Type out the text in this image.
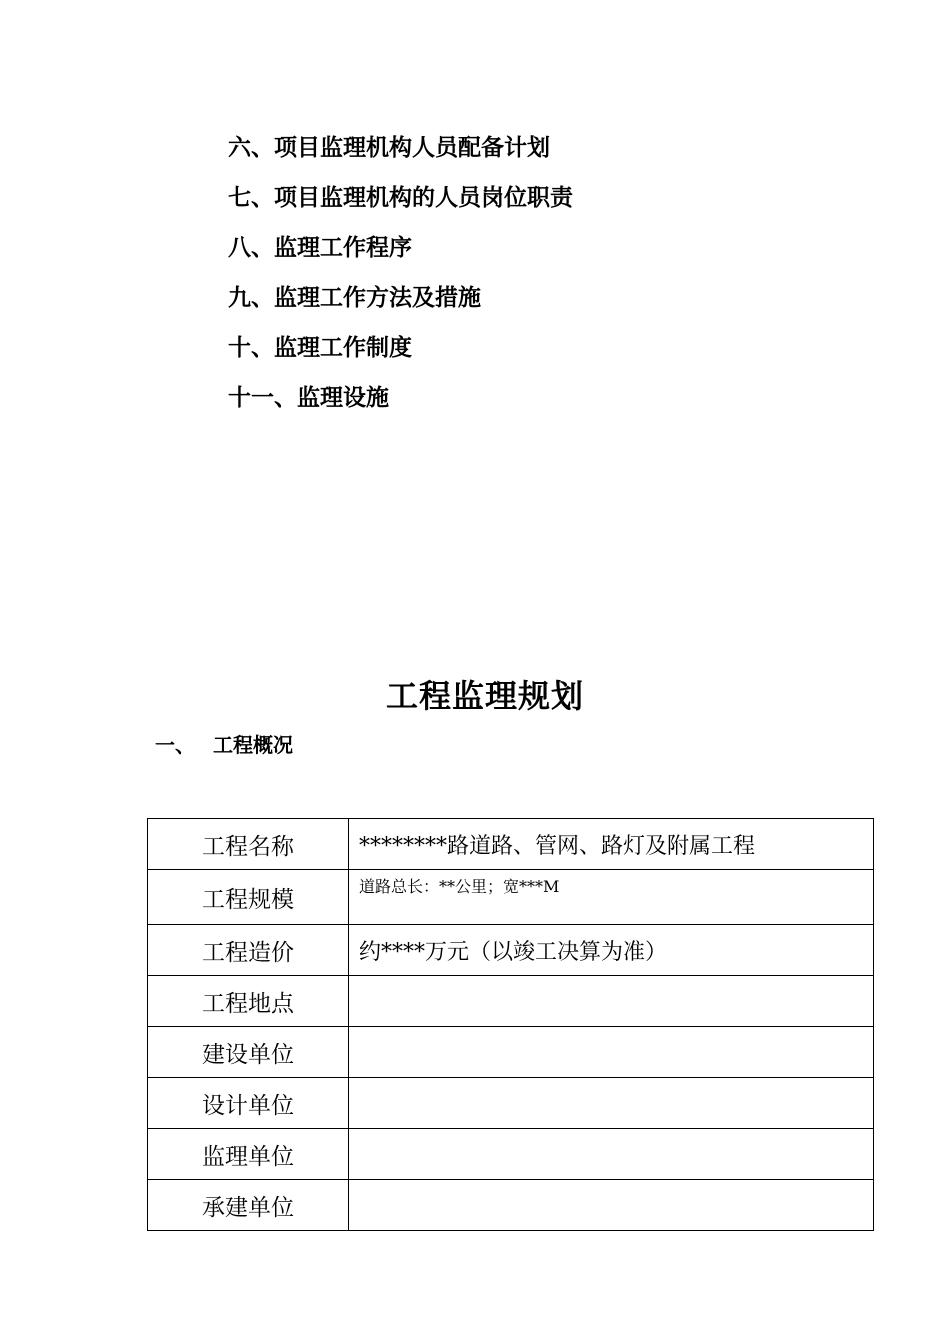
六、项目监理机构人员配备计划
七、项目监理机构的人员岗位职责
八、监理工作程序
九、监理工作方法及措施
十、监理工作制度
十一、监理设施
工程监理规划
一、 工程概况
工程名称	********路道路、管网、路灯及附属工程
工程规模	道路总长：**公里；宽***M
工程造价	约****万元（以竣工决算为准）
工程地点	
建设单位	
设计单位	
监理单位	
承建单位	
